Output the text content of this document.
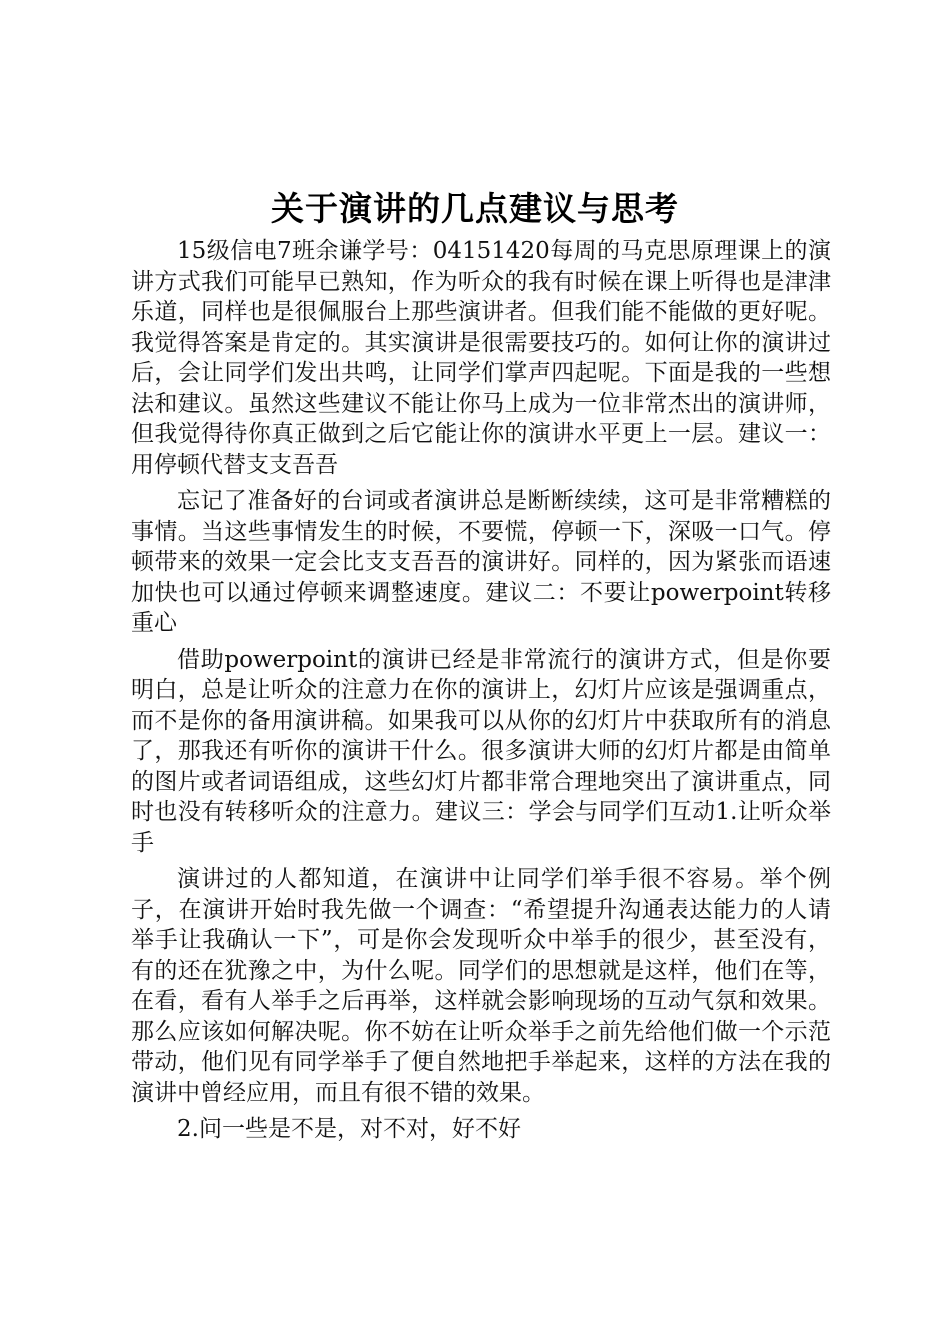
关于演讲的几点建议与思考

15级信电7班余谦学号：04151420每周的马克思原理课上的演讲方式我们可能早已熟知，作为听众的我有时候在课上听得也是津津乐道，同样也是很佩服台上那些演讲者。但我们能不能做的更好呢。我觉得答案是肯定的。其实演讲是很需要技巧的。如何让你的演讲过后，会让同学们发出共鸣，让同学们掌声四起呢。下面是我的一些想法和建议。虽然这些建议不能让你马上成为一位非常杰出的演讲师，但我觉得待你真正做到之后它能让你的演讲水平更上一层。建议一：用停顿代替支支吾吾

忘记了准备好的台词或者演讲总是断断续续，这可是非常糟糕的事情。当这些事情发生的时候，不要慌，停顿一下，深吸一口气。停顿带来的效果一定会比支支吾吾的演讲好。同样的，因为紧张而语速加快也可以通过停顿来调整速度。建议二：不要让powerpoint转移重心

借助powerpoint的演讲已经是非常流行的演讲方式，但是你要明白，总是让听众的注意力在你的演讲上，幻灯片应该是强调重点，而不是你的备用演讲稿。如果我可以从你的幻灯片中获取所有的消息了，那我还有听你的演讲干什么。很多演讲大师的幻灯片都是由简单的图片或者词语组成，这些幻灯片都非常合理地突出了演讲重点，同时也没有转移听众的注意力。建议三：学会与同学们互动1.让听众举手

演讲过的人都知道，在演讲中让同学们举手很不容易。举个例子，在演讲开始时我先做一个调查：“希望提升沟通表达能力的人请举手让我确认一下”，可是你会发现听众中举手的很少，甚至没有，有的还在犹豫之中，为什么呢。同学们的思想就是这样，他们在等，在看，看有人举手之后再举，这样就会影响现场的互动气氛和效果。那么应该如何解决呢。你不妨在让听众举手之前先给他们做一个示范带动，他们见有同学举手了便自然地把手举起来，这样的方法在我的演讲中曾经应用，而且有很不错的效果。

2.问一些是不是，对不对，好不好
